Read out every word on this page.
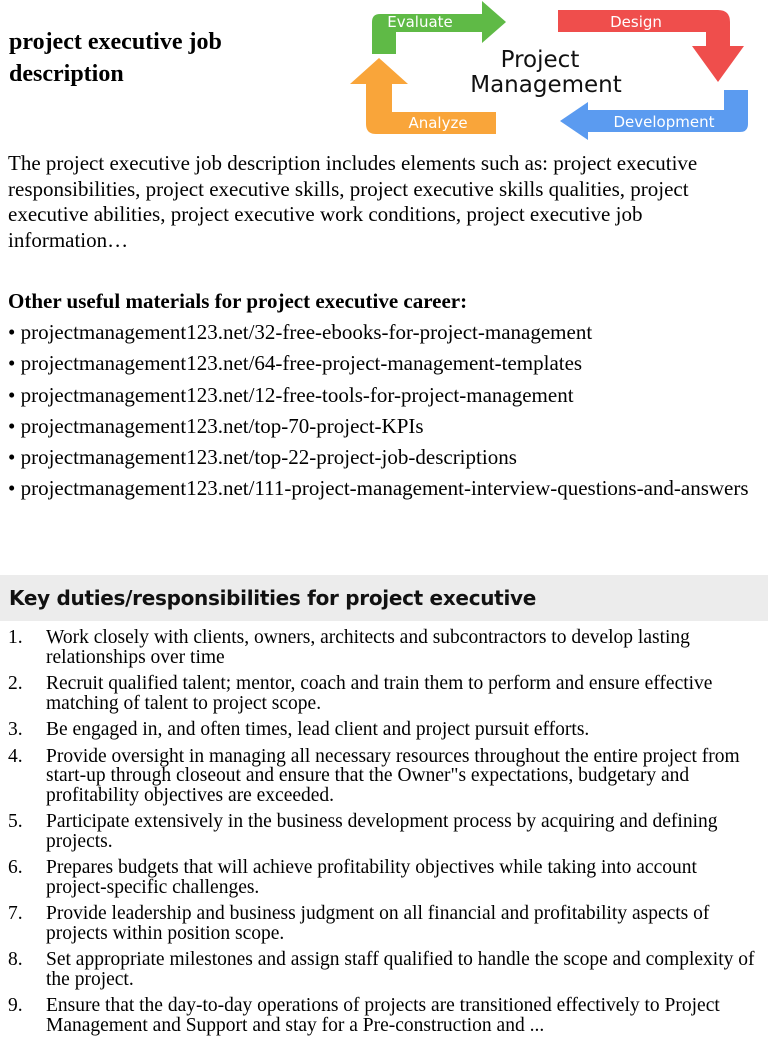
project executive job description
Evaluate	Design
Development
Analyze
Project
Management
The project executive job description includes elements such as: project executive responsibilities, project executive skills, project executive skills qualities, project executive abilities, project executive work conditions, project executive job information…
Other useful materials for project executive career:
• projectmanagement123.net/32-free-ebooks-for-project-management
• projectmanagement123.net/64-free-project-management-templates
• projectmanagement123.net/12-free-tools-for-project-management
• projectmanagement123.net/top-70-project-KPIs
• projectmanagement123.net/top-22-project-job-descriptions
• projectmanagement123.net/111-project-management-interview-questions-and-answers
Key duties/responsibilities for project executive
1. Work closely with clients, owners, architects and subcontractors to develop lasting relationships over time
2. Recruit qualified talent; mentor, coach and train them to perform and ensure effective matching of talent to project scope.
3. Be engaged in, and often times, lead client and project pursuit efforts.
4. Provide oversight in managing all necessary resources throughout the entire project from start-up through closeout and ensure that the Owner"s expectations, budgetary and profitability objectives are exceeded.
5. Participate extensively in the business development process by acquiring and defining projects.
6. Prepares budgets that will achieve profitability objectives while taking into account project-specific challenges.
7. Provide leadership and business judgment on all financial and profitability aspects of projects within position scope.
8. Set appropriate milestones and assign staff qualified to handle the scope and complexity of the project.
9. Ensure that the day-to-day operations of projects are transitioned effectively to Project Management and Support and stay for a Pre-construction and ...
